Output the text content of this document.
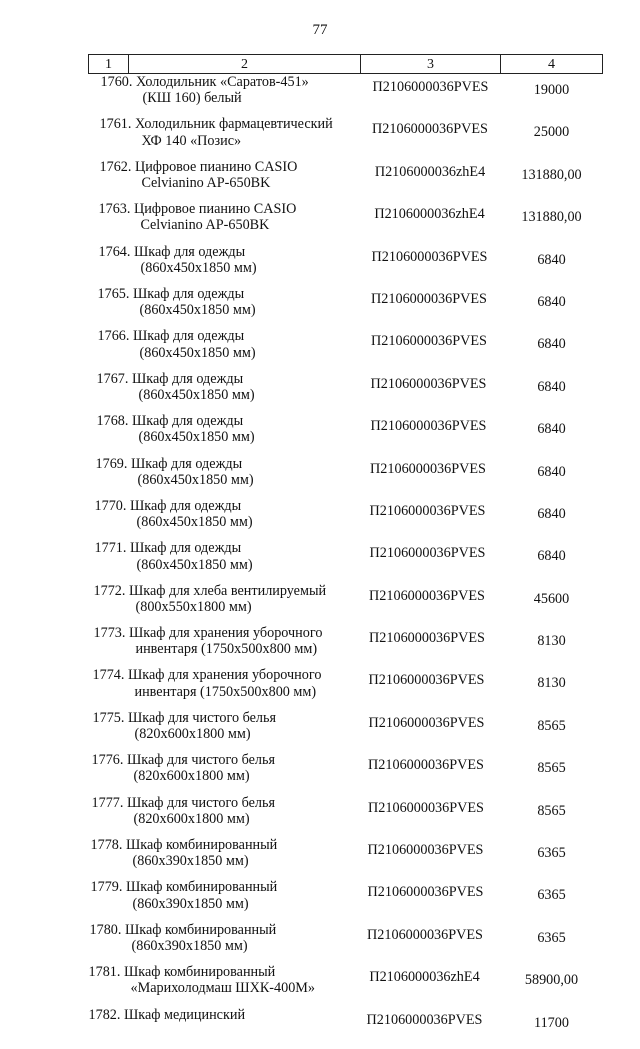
77
1	2	3	4

1760. Холодильник «Саратов-451»
(КШ 160) белый		П2106000036PVES	19000

1761. Холодильник фармацевтический
ХФ 140 «Позис»		П2106000036PVES	25000

1762. Цифровое пианино CASIO
Celvianino AP-650BK		П2106000036zhE4	131880,00

1763. Цифровое пианино CASIO
Celvianino AP-650BK		П2106000036zhE4	131880,00

1764. Шкаф для одежды
(860x450x1850 мм)		П2106000036PVES	6840

1765. Шкаф для одежды
(860x450x1850 мм)		П2106000036PVES	6840

1766. Шкаф для одежды
(860x450x1850 мм)		П2106000036PVES	6840

1767. Шкаф для одежды
(860x450x1850 мм)		П2106000036PVES	6840

1768. Шкаф для одежды
(860x450x1850 мм)		П2106000036PVES	6840

1769. Шкаф для одежды
(860x450x1850 мм)		П2106000036PVES	6840

1770. Шкаф для одежды
(860x450x1850 мм)		П2106000036PVES	6840

1771. Шкаф для одежды
(860x450x1850 мм)		П2106000036PVES	6840

1772. Шкаф для хлеба вентилируемый
(800x550x1800 мм)		П2106000036PVES	45600

1773. Шкаф для хранения уборочного
инвентаря (1750x500x800 мм)		П2106000036PVES	8130

1774. Шкаф для хранения уборочного
инвентаря (1750x500x800 мм)		П2106000036PVES	8130

1775. Шкаф для чистого белья
(820x600x1800 мм)		П2106000036PVES	8565

1776. Шкаф для чистого белья
(820x600x1800 мм)		П2106000036PVES	8565

1777. Шкаф для чистого белья
(820x600x1800 мм)		П2106000036PVES	8565

1778. Шкаф комбинированный
(860x390x1850 мм)		П2106000036PVES	6365

1779. Шкаф комбинированный
(860x390x1850 мм)		П2106000036PVES	6365

1780. Шкаф комбинированный
(860x390x1850 мм)		П2106000036PVES	6365

1781. Шкаф комбинированный
«Марихолодмаш ШХК-400М»		П2106000036zhE4	58900,00

1782. Шкаф медицинский		П2106000036PVES	11700
